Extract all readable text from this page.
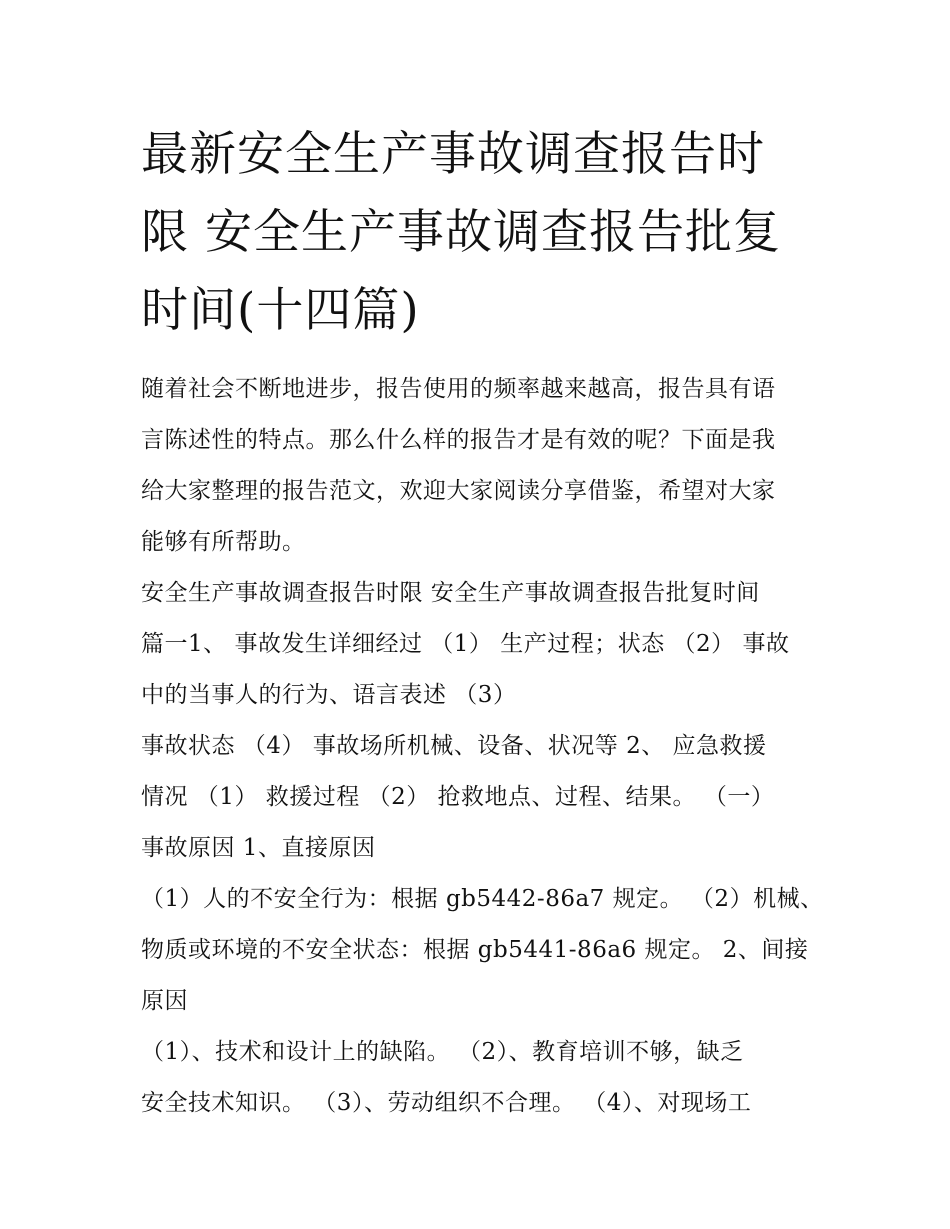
最新安全生产事故调查报告时
限 安全生产事故调查报告批复
时间(十四篇)
随着社会不断地进步，报告使用的频率越来越高，报告具有语
言陈述性的特点。那么什么样的报告才是有效的呢？下面是我
给大家整理的报告范文，欢迎大家阅读分享借鉴，希望对大家
能够有所帮助。
安全生产事故调查报告时限 安全生产事故调查报告批复时间
篇一1、 事故发生详细经过 （1） 生产过程；状态 （2） 事故
中的当事人的行为、语言表述 （3）
事故状态 （4） 事故场所机械、设备、状况等 2、 应急救援
情况 （1） 救援过程 （2） 抢救地点、过程、结果。 （一）
事故原因 1、直接原因
（1）人的不安全行为：根据 gb5442-86a7 规定。 （2）机械、
物质或环境的不安全状态：根据 gb5441-86a6 规定。 2、间接
原因
（1）、技术和设计上的缺陷。 （2）、教育培训不够，缺乏
安全技术知识。 （3）、劳动组织不合理。 （4）、对现场工
